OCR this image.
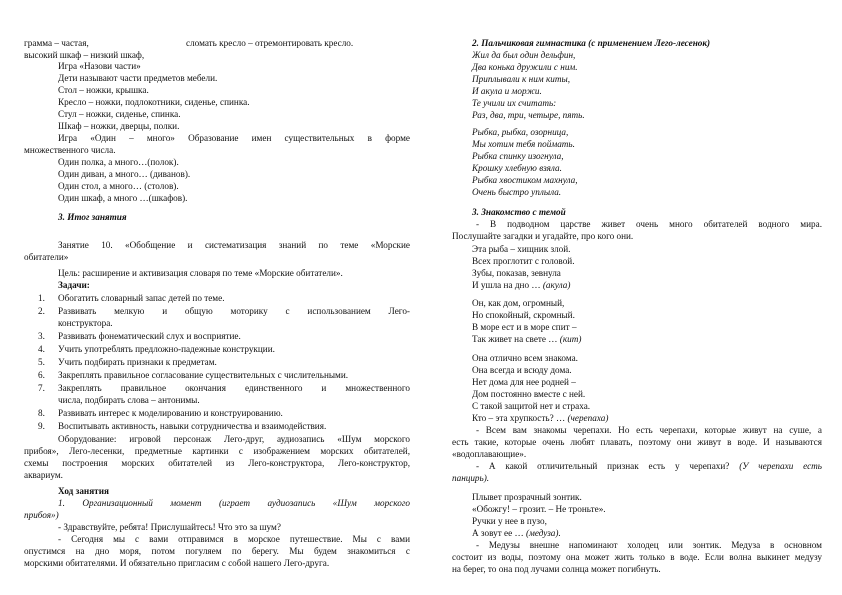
грамма – частая,	сломать кресло – отремонтировать кресло.
высокий шкаф – низкий шкаф,
Игра «Назови части»
Дети называют части предметов мебели.
Стол – ножки, крышка.
Кресло – ножки, подлокотники, сиденье, спинка.
Стул – ножки, сиденье, спинка.
Шкаф – ножки, дверцы, полки.
Игра «Один – много» Образование имен существительных в форме
множественного числа.
Один полка, а много…(полок).
Один диван, а много… (диванов).
Один стол, а много… (столов).
Один шкаф, а много …(шкафов).
3. Итог занятия
Занятие 10. «Обобщение и систематизация знаний по теме «Морские
обитатели»
Цель: расширение и активизация словаря по теме «Морские обитатели».
Задачи:
1. Обогатить словарный запас детей по теме.
2. Развивать мелкую и общую моторику с использованием Лего-
конструктора.
3. Развивать фонематический слух и восприятие.
4. Учить употреблять предложно-падежные конструкции.
5. Учить подбирать признаки к предметам.
6. Закреплять правильное согласование существительных с числительными.
7. Закреплять правильное окончания единственного и множественного
числа, подбирать слова – антонимы.
8. Развивать интерес к моделированию и конструированию.
9. Воспитывать активность, навыки сотрудничества и взаимодействия.
Оборудование: игровой персонаж Лего-друг, аудиозапись «Шум морского
прибоя», Лего-лесенки, предметные картинки с изображением морских обитателей,
схемы построения морских обитателей из Лего-конструктора, Лего-конструктор,
аквариум.
Ход занятия
1. Организационный момент (играет аудиозапись «Шум морского
прибоя»)
- Здравствуйте, ребята! Прислушайтесь! Что это за шум?
- Сегодня мы с вами отправимся в морское путешествие. Мы с вами
опустимся на дно моря, потом погуляем по берегу. Мы будем знакомиться с
морскими обитателями. И обязательно пригласим с собой нашего Лего-друга.
2. Пальчиковая гимнастика (с применением Лего-лесенок)
Жил да был один дельфин,
Два конька дружили с ним.
Приплывали к ним киты,
И акула и моржи.
Те учили их считать:
Раз, два, три, четыре, пять.
Рыбка, рыбка, озорница,
Мы хотим тебя поймать.
Рыбка спинку изогнула,
Крошку хлебную взяла.
Рыбка хвостиком махнула,
Очень быстро уплыла.
3. Знакомство с темой
- В подводном царстве живет очень много обитателей водного мира.
Послушайте загадки и угадайте, про кого они.
Эта рыба – хищник злой.
Всех проглотит с головой.
Зубы, показав, зевнула
И ушла на дно … (акула)
Он, как дом, огромный,
Но спокойный, скромный.
В море ест и в море спит –
Так живет на свете … (кит)
Она отлично всем знакома.
Она всегда и всюду дома.
Нет дома для нее родней –
Дом постоянно вместе с ней.
С такой защитой нет и страха.
Кто – эта хрупкость? … (черепаха)
- Всем вам знакомы черепахи. Но есть черепахи, которые живут на суше, а
есть такие, которые очень любят плавать, поэтому они живут в воде. И называются
«водоплавающие».
- А какой отличительный признак есть у черепахи? (У черепахи есть
панцирь).
Плывет прозрачный зонтик.
«Обожгу! – грозит. – Не троньте».
Ручки у нее в пузо,
А зовут ее … (медуза).
- Медузы внешне напоминают холодец или зонтик. Медуза в основном
состоит из воды, поэтому она может жить только в воде. Если волна выкинет медузу
на берег, то она под лучами солнца может погибнуть.
